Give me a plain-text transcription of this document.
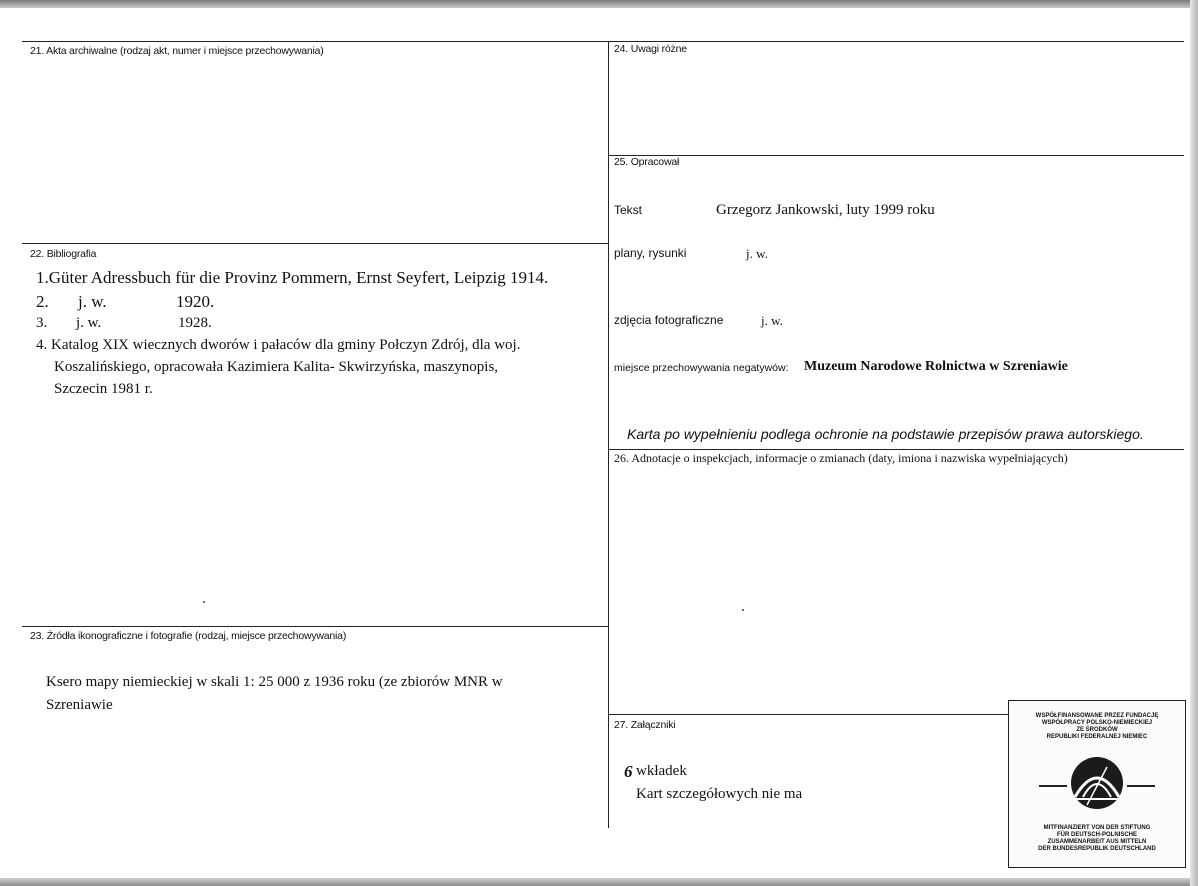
21. Akta archiwalne (rodzaj akt, numer i miejsce przechowywania)
22. Bibliografia
1.Güter Adressbuch für die Provinz Pommern, Ernst Seyfert, Leipzig 1914.
2. j. w.	1920.
3. j. w.	1928.
4. Katalog XIX wiecznych dworów i pałaców dla gminy Połczyn Zdrój, dla woj.
Koszalińskiego, opracowała Kazimiera Kalita- Skwirzyńska, maszynopis,
Szczecin 1981 r.
23. Źródła ikonograficzne i fotografie (rodzaj, miejsce przechowywania)
Ksero mapy niemieckiej w skali 1: 25 000 z 1936 roku (ze zbiorów MNR w
Szreniawie
24. Uwagi różne
25. Opracował
Tekst	Grzegorz Jankowski, luty 1999 roku
plany, rysunki	j. w.
zdjęcia fotograficzne	j. w.
miejsce przechowywania negatywów: Muzeum Narodowe Rolnictwa w Szreniawie
Karta po wypełnieniu podlega ochronie na podstawie przepisów prawa autorskiego.
26. Adnotacje o inspekcjach, informacje o zmianach (daty, imiona i nazwiska wypełniających)
27. Załączniki
6 wkładek
Kart szczegółowych nie ma
WSPÓŁFINANSOWANE PRZEZ FUNDACJĘ
WSPÓŁPRACY POLSKO-NIEMIECKIEJ
ZE ŚRODKÓW
REPUBLIKI FEDERALNEJ NIEMIEC
MITFINANZIERT VON DER STIFTUNG
FÜR DEUTSCH-POLNISCHE
ZUSAMMENARBEIT AUS MITTELN
DER BUNDESREPUBLIK DEUTSCHLAND
